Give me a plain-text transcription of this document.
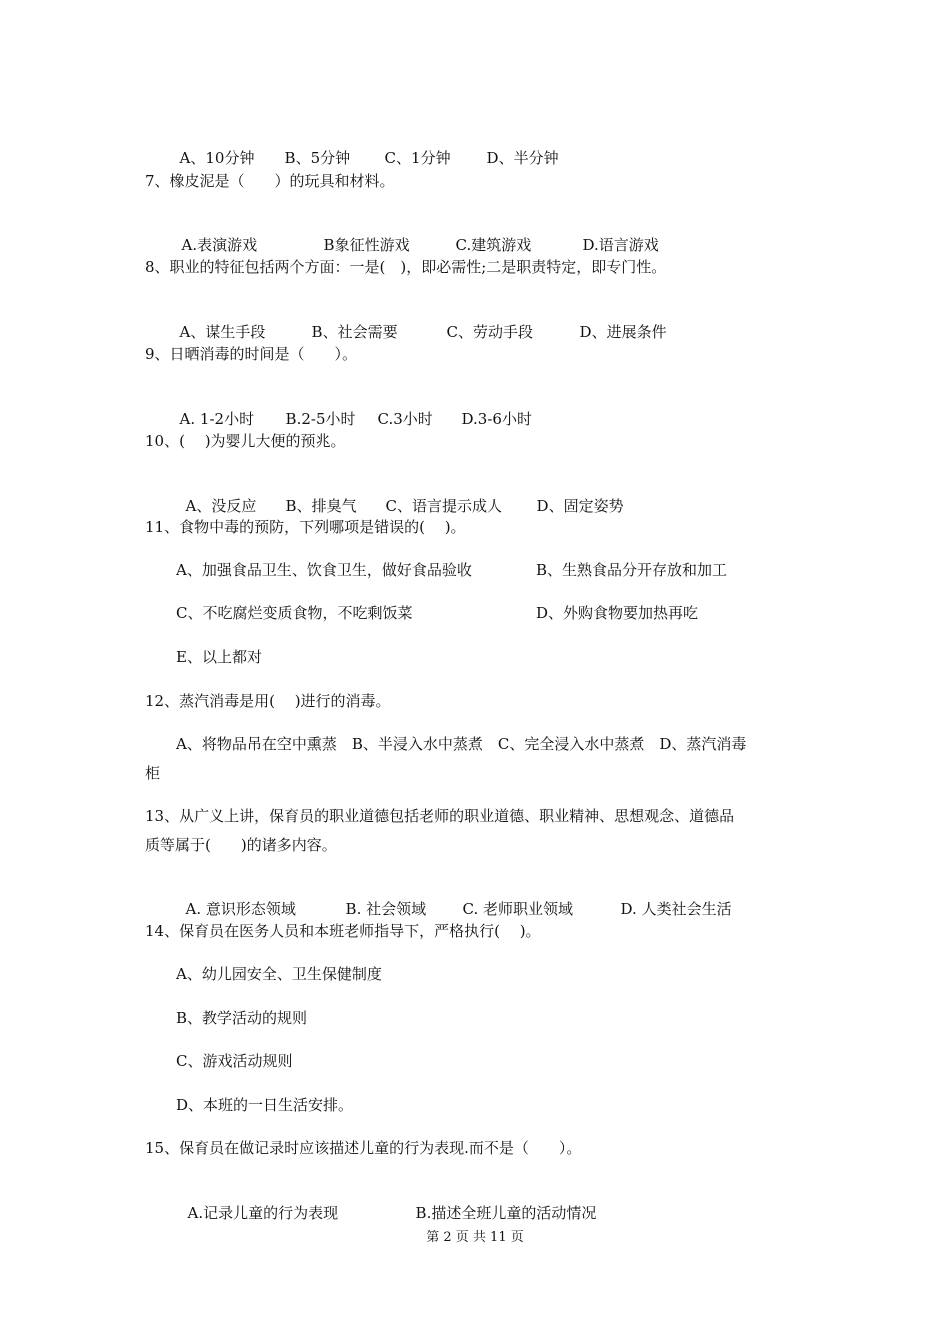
A、10分钟 B、5分钟 C、1分钟 D、半分钟

7、橡皮泥是（　　）的玩具和材料。

A.表演游戏	B象征性游戏	C.建筑游戏	D.语言游戏

8、职业的特征包括两个方面：一是(　)，即必需性;二是职责特定，即专门性。

A、谋生手段	B、社会需要	C、劳动手段	D、进展条件

9、日晒消毒的时间是（　　）。

A. 1-2小时 B.2-5小时 C.3小时 D.3-6小时

10、(　 )为婴儿大便的预兆。

A、没反应 B、排臭气 C、语言提示成人 D、固定姿势

11、食物中毒的预防，下列哪项是错误的(　 )。
A、加强食品卫生、饮食卫生，做好食品验收	B、生熟食品分开存放和加工
C、不吃腐烂变质食物，不吃剩饭菜	D、外购食物要加热再吃
E、以上都对
12、蒸汽消毒是用(　 )进行的消毒。
A、将物品吊在空中熏蒸　B、半浸入水中蒸煮　C、完全浸入水中蒸煮　D、蒸汽消毒
柜
13、从广义上讲，保育员的职业道德包括老师的职业道德、职业精神、思想观念、道德品
质等属于(　　)的诸多内容。

A. 意识形态领域	B. 社会领域 C. 老师职业领域	D. 人类社会生活

14、保育员在医务人员和本班老师指导下，严格执行(　 )。
A、幼儿园安全、卫生保健制度
B、教学活动的规则
C、游戏活动规则
D、本班的一日生活安排。
15、保育员在做记录时应该描述儿童的行为表现.而不是（　　）。

A.记录儿童的行为表现	B.描述全班儿童的活动情况

第 2 页 共 11 页
